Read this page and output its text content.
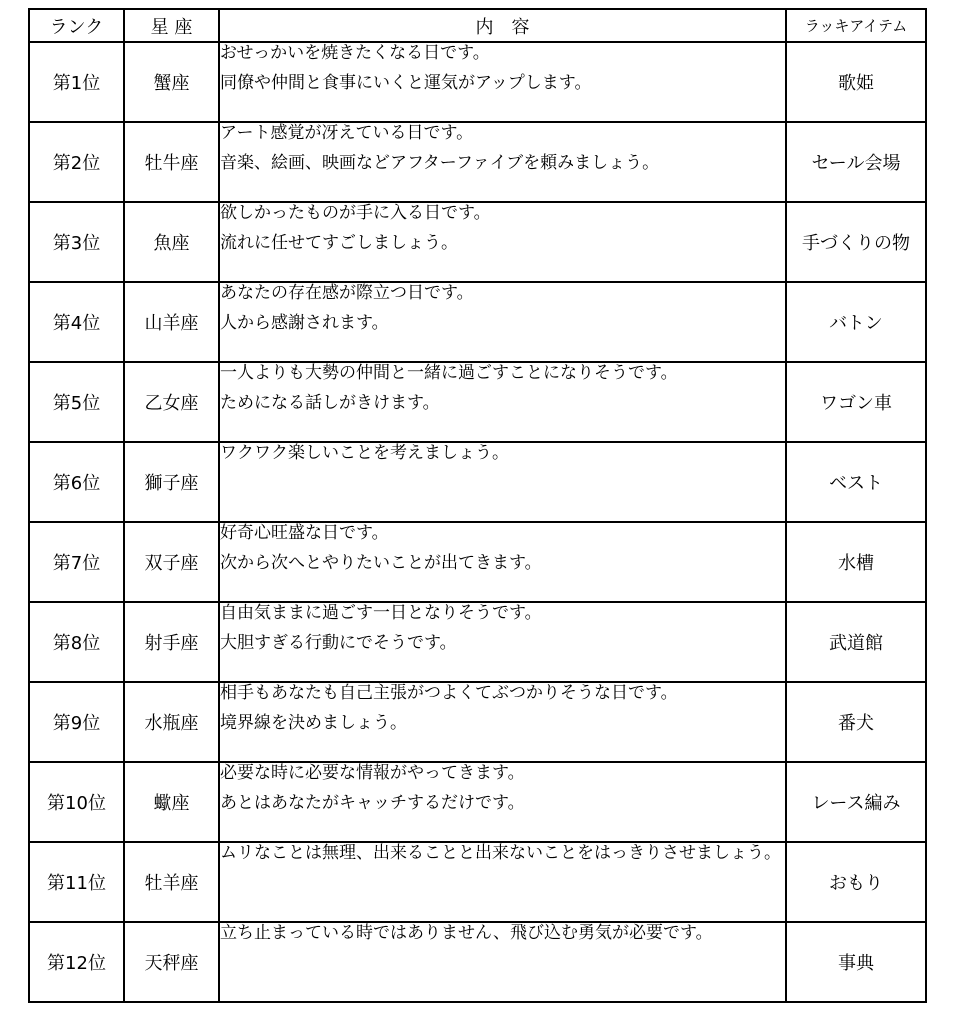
ランク	星 座	内　容	ラッキアイテム
第1位	蟹座	おせっかいを焼きたくなる日です。
同僚や仲間と食事にいくと運気がアップします。	歌姫
第2位	牡牛座	アート感覚が冴えている日です。
音楽、絵画、映画などアフターファイブを頼みましょう。	セール会場
第3位	魚座	欲しかったものが手に入る日です。
流れに任せてすごしましょう。	手づくりの物
第4位	山羊座	あなたの存在感が際立つ日です。
人から感謝されます。	バトン
第5位	乙女座	一人よりも大勢の仲間と一緒に過ごすことになりそうです。
ためになる話しがきけます。	ワゴン車
第6位	獅子座	ワクワク楽しいことを考えましょう。	ベスト
第7位	双子座	好奇心旺盛な日です。
次から次へとやりたいことが出てきます。	水槽
第8位	射手座	自由気ままに過ごす一日となりそうです。
大胆すぎる行動にでそうです。	武道館
第9位	水瓶座	相手もあなたも自己主張がつよくてぶつかりそうな日です。
境界線を決めましょう。	番犬
第10位	蠍座	必要な時に必要な情報がやってきます。
あとはあなたがキャッチするだけです。	レース編み
第11位	牡羊座	ムリなことは無理、出来ることと出来ないことをはっきりさせましょう。	おもり
第12位	天秤座	立ち止まっている時ではありません、飛び込む勇気が必要です。	事典
